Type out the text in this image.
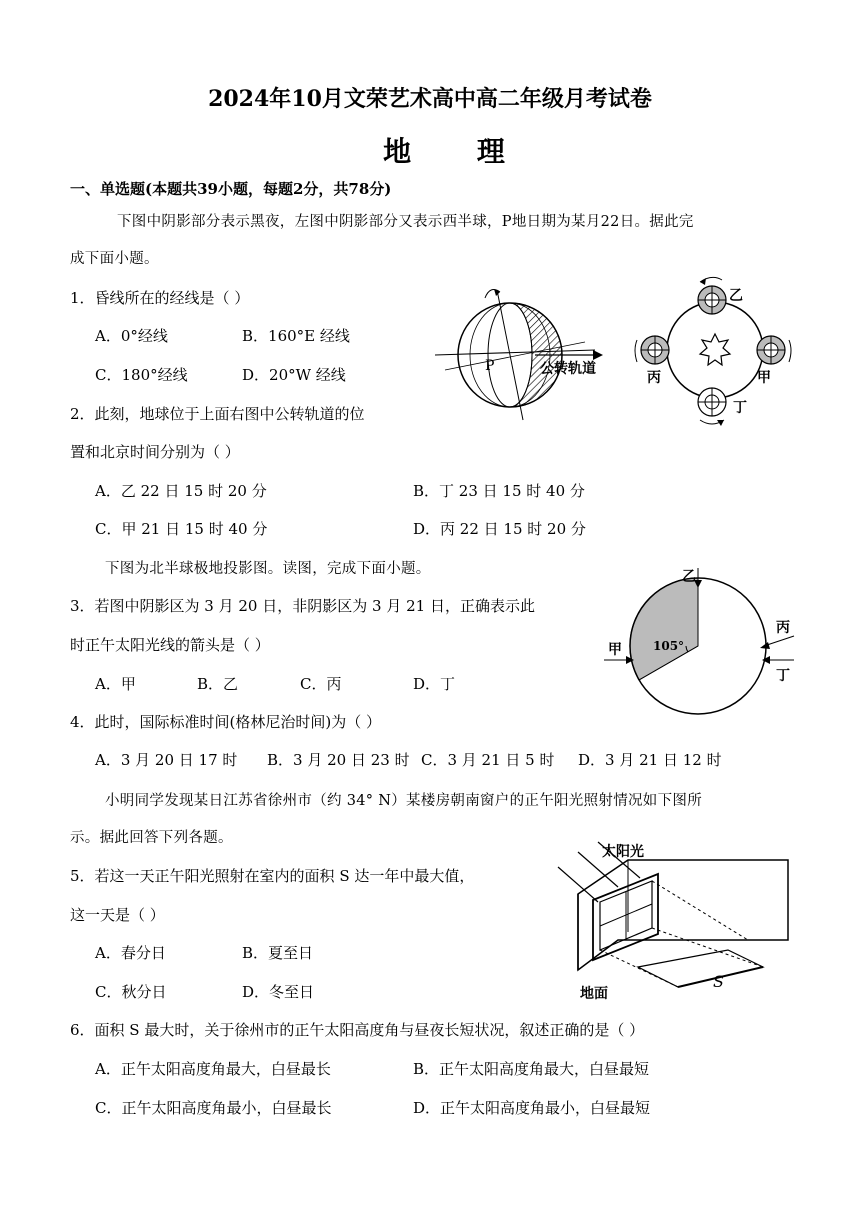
2024年10月文荣艺术高中高二年级月考试卷
地 理
一、单选题(本题共39小题，每题2分，共78分)
下图中阴影部分表示黑夜，左图中阴影部分又表示西半球，P地日期为某月22日。据此完
成下面小题。
1．昏线所在的经线是（ ）
A．0°经线	B．160°E 经线
C．180°经线	D．20°W 经线	P	公转轨道
乙
丙	甲
丁
2．此刻，地球位于上面右图中公转轨道的位
置和北京时间分别为（ ）
A．乙 22 日 15 时 20 分	B．丁 23 日 15 时 40 分
C．甲 21 日 15 时 40 分	D．丙 22 日 15 时 20 分
下图为北半球极地投影图。读图，完成下面小题。
3．若图中阴影区为 3 月 20 日，非阴影区为 3 月 21 日，正确表示此
时正午太阳光线的箭头是（ ）
A．甲	B．乙	C．丙	D．丁
105°
乙
甲
丙
丁
4．此时，国际标准时间(格林尼治时间)为（ ）
A．3 月 20 日 17 时 B．3 月 20 日 23 时 C．3 月 21 日 5 时 D．3 月 21 日 12 时
小明同学发现某日江苏省徐州市（约 34° N）某楼房朝南窗户的正午阳光照射情况如下图所
示。据此回答下列各题。
5．若这一天正午阳光照射在室内的面积 S 达一年中最大值，
这一天是（ ）
A．春分日	B．夏至日
C．秋分日	D．冬至日
太阳光
地面
S
6．面积 S 最大时，关于徐州市的正午太阳高度角与昼夜长短状况，叙述正确的是（ ）
A．正午太阳高度角最大，白昼最长	B．正午太阳高度角最大，白昼最短
C．正午太阳高度角最小，白昼最长	D．正午太阳高度角最小，白昼最短
